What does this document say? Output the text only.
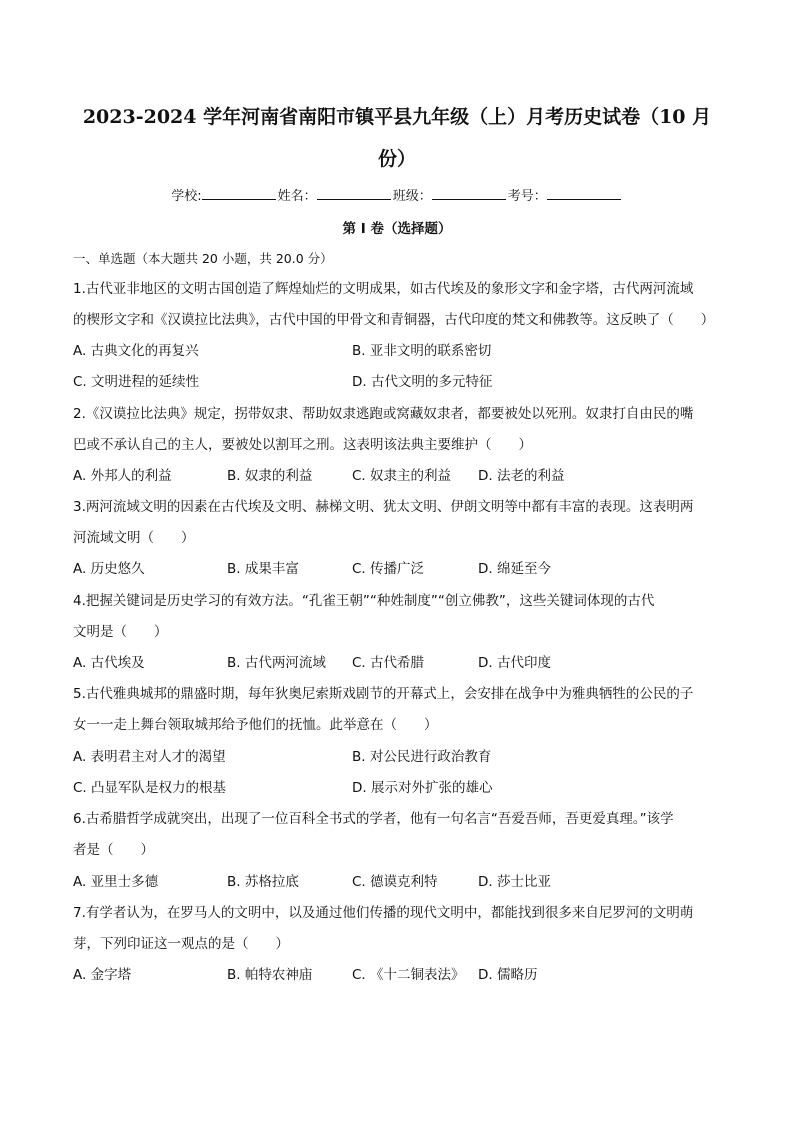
2023-2024 学年河南省南阳市镇平县九年级（上）月考历史试卷（10 月
份）
学校:	姓名：	班级：	考号：
第 I 卷（选择题）
一、单选题（本大题共 20 小题，共 20.0 分）
1.古代亚非地区的文明古国创造了辉煌灿烂的文明成果，如古代埃及的象形文字和金字塔，古代两河流域
的楔形文字和《汉谟拉比法典》，古代中国的甲骨文和青铜器，古代印度的梵文和佛教等。这反映了（　　）
A. 古典文化的再复兴	B. 亚非文明的联系密切
C. 文明进程的延续性	D. 古代文明的多元特征
2.《汉谟拉比法典》规定，拐带奴隶、帮助奴隶逃跑或窝藏奴隶者，都要被处以死刑。奴隶打自由民的嘴
巴或不承认自己的主人，要被处以割耳之刑。这表明该法典主要维护（　　）
A. 外邦人的利益	B. 奴隶的利益	C. 奴隶主的利益 D. 法老的利益
3.两河流域文明的因素在古代埃及文明、赫梯文明、犹太文明、伊朗文明等中都有丰富的表现。这表明两
河流域文明（　　）
A. 历史悠久	B. 成果丰富	C. 传播广泛	D. 绵延至今
4.把握关键词是历史学习的有效方法。“孔雀王朝”“种姓制度”“创立佛教”，这些关键词体现的古代
文明是（　　）
A. 古代埃及	B. 古代两河流域 C. 古代希腊	D. 古代印度
5.古代雅典城邦的鼎盛时期，每年狄奥尼索斯戏剧节的开幕式上，会安排在战争中为雅典牺牲的公民的子
女一一走上舞台领取城邦给予他们的抚恤。此举意在（　　）
A. 表明君主对人才的渴望	B. 对公民进行政治教育
C. 凸显军队是权力的根基	D. 展示对外扩张的雄心
6.古希腊哲学成就突出，出现了一位百科全书式的学者，他有一句名言“吾爱吾师，吾更爱真理。”该学
者是（　　）
A. 亚里士多德	B. 苏格拉底	C. 德谟克利特	D. 莎士比亚
7.有学者认为，在罗马人的文明中，以及通过他们传播的现代文明中，都能找到很多来自尼罗河的文明萌
芽，下列印证这一观点的是（　　）
A. 金字塔	B. 帕特农神庙	C. 《十二铜表法》 D. 儒略历
